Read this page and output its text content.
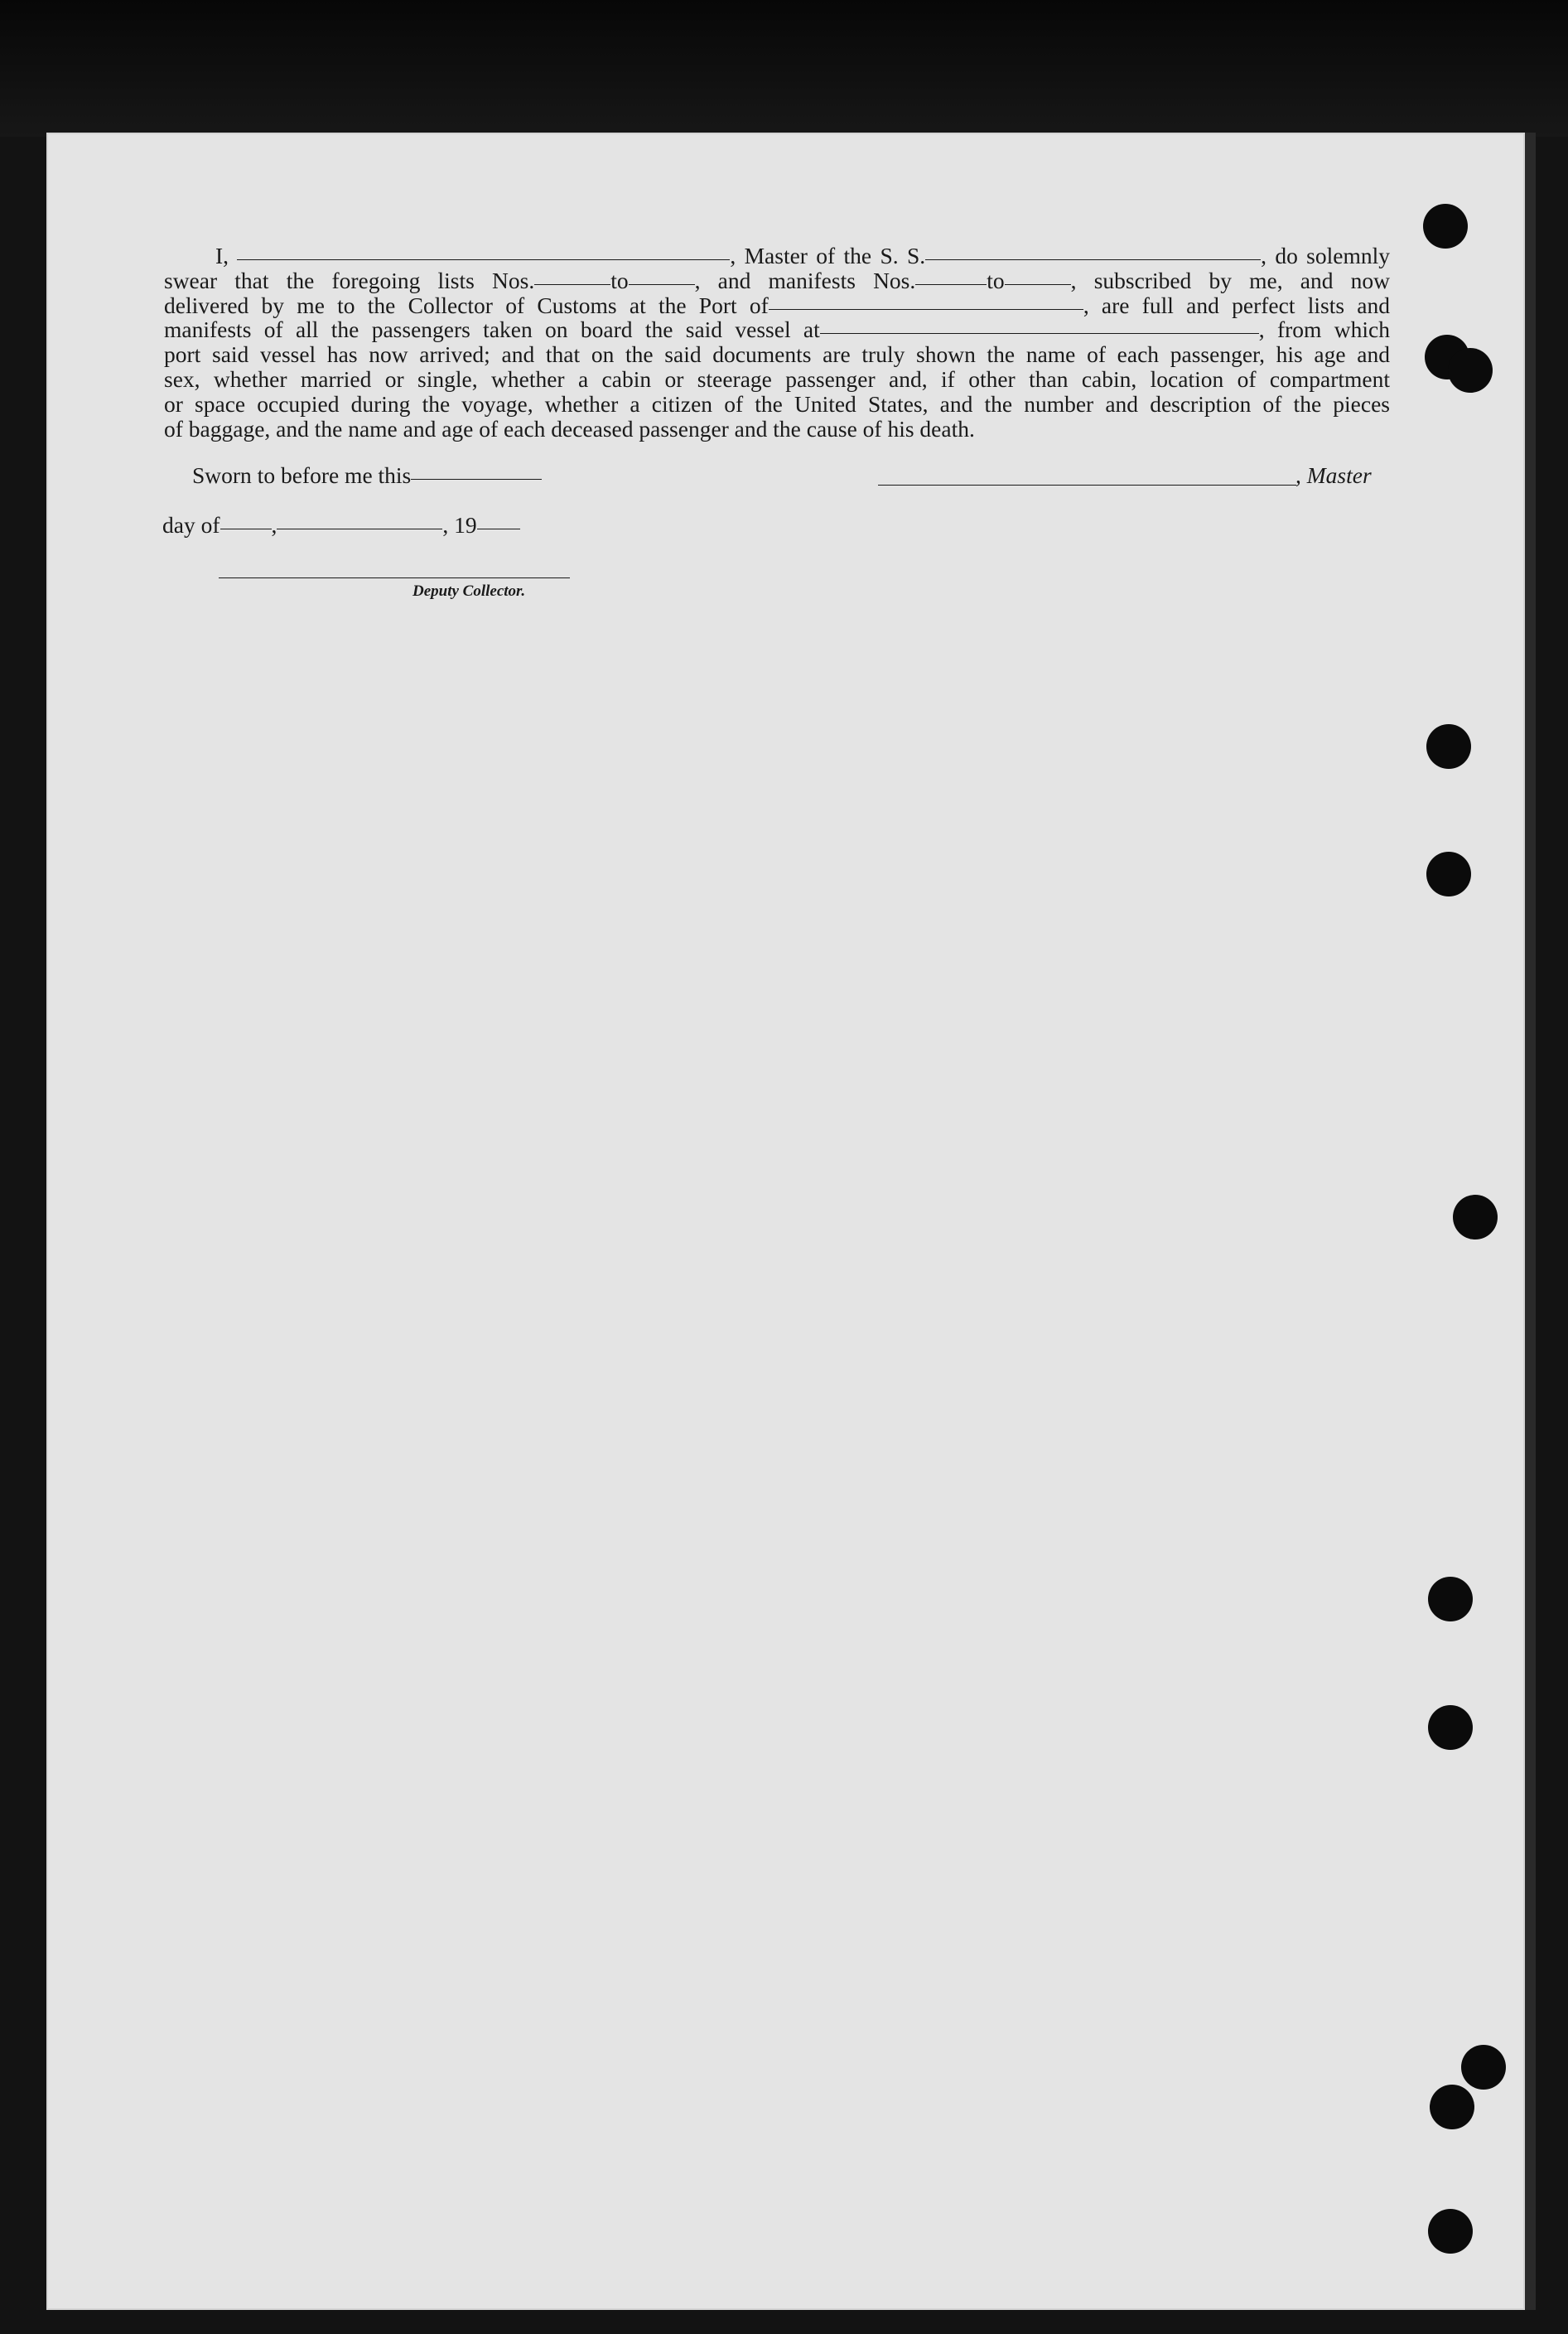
I,	, Master of the S. S.	, do solemnly
swear that the foregoing lists Nos.	to	, and manifests Nos.	to	, subscribed by me, and now
delivered by me to the Collector of Customs at the Port of	, are full and perfect lists and
manifests of all the passengers taken on board the said vessel at	, from which
port said vessel has now arrived; and that on the said documents are truly shown the name of each passenger, his age and
sex, whether married or single, whether a cabin or steerage passenger and, if other than cabin, location of compartment
or space occupied during the voyage, whether a citizen of the United States, and the number and description of the pieces
of baggage, and the name and age of each deceased passenger and the cause of his death.
Sworn to before me this	, Master
day of ,	, 19
Deputy Collector.
